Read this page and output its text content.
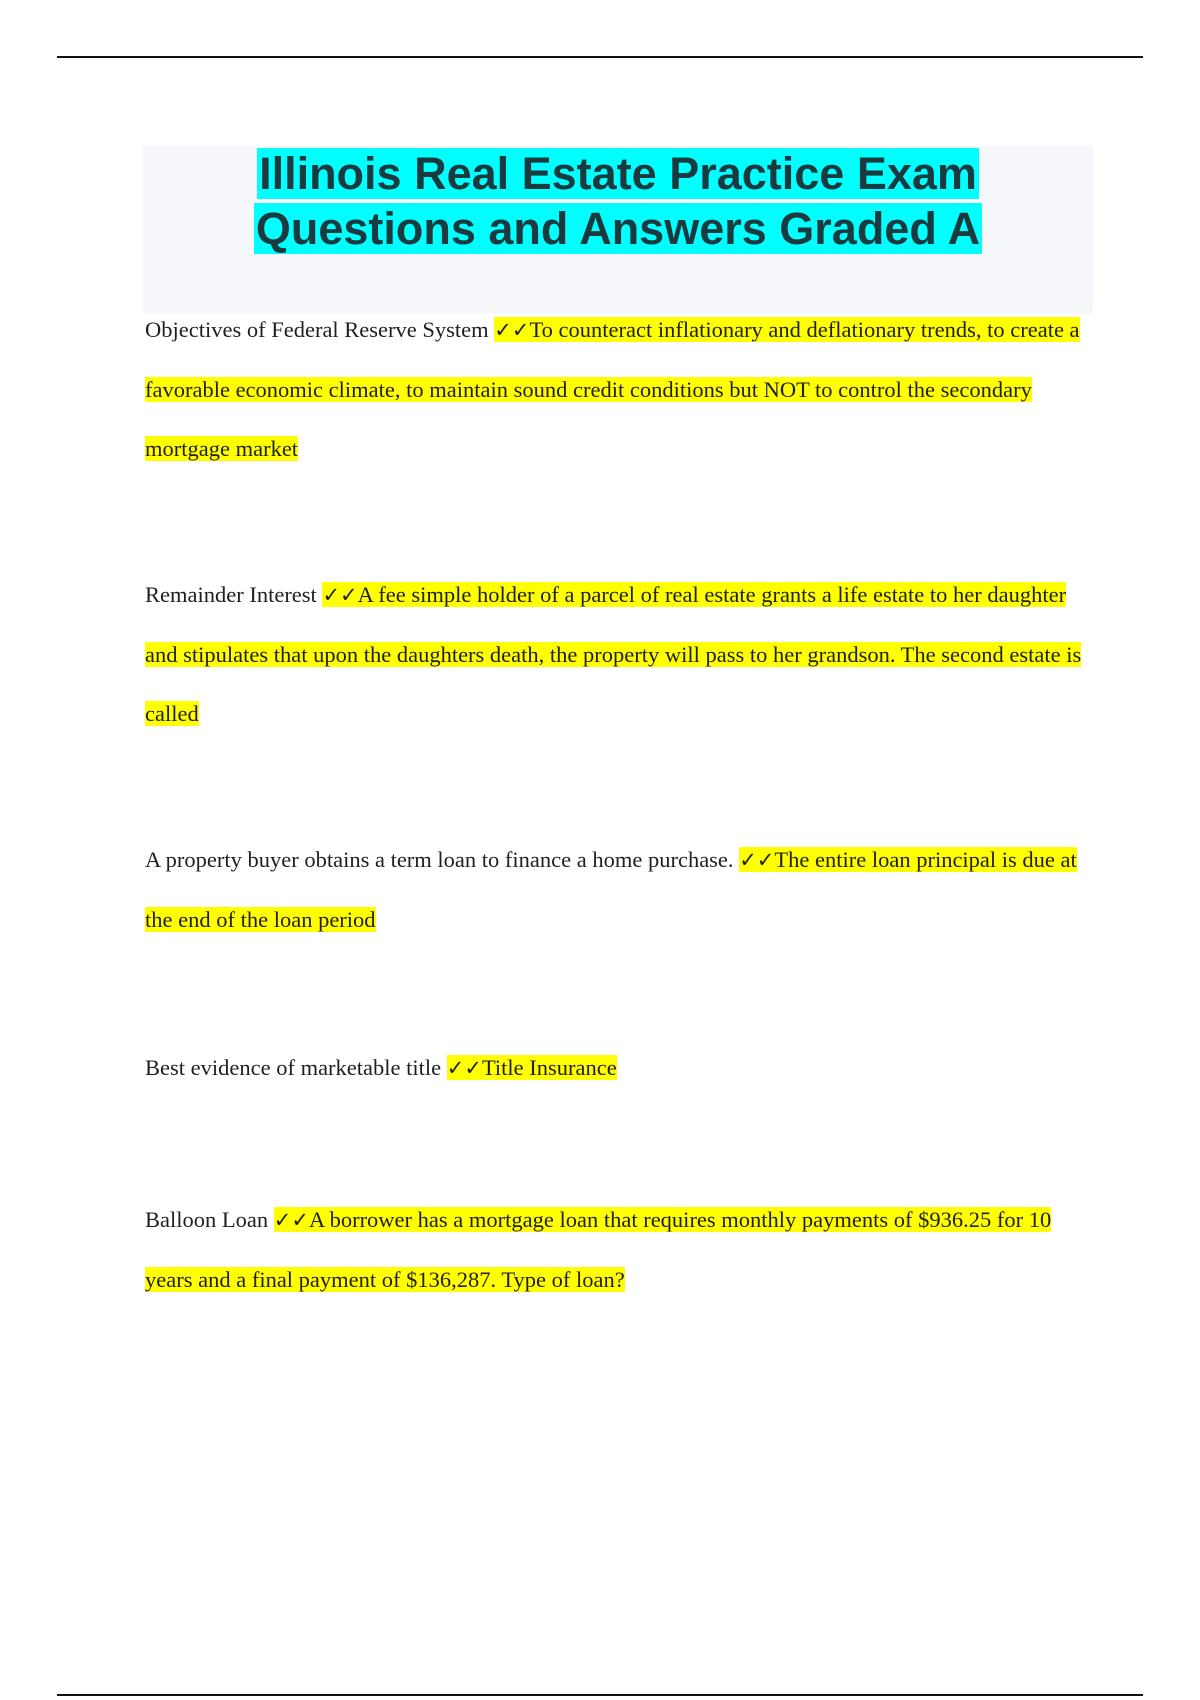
Illinois Real Estate Practice Exam Questions and Answers Graded A

Objectives of Federal Reserve System ✓✓To counteract inflationary and deflationary trends, to create a favorable economic climate, to maintain sound credit conditions but NOT to control the secondary mortgage market

Remainder Interest ✓✓A fee simple holder of a parcel of real estate grants a life estate to her daughter and stipulates that upon the daughters death, the property will pass to her grandson. The second estate is called

A property buyer obtains a term loan to finance a home purchase. ✓✓The entire loan principal is due at the end of the loan period

Best evidence of marketable title ✓✓Title Insurance

Balloon Loan ✓✓A borrower has a mortgage loan that requires monthly payments of $936.25 for 10 years and a final payment of $136,287. Type of loan?
